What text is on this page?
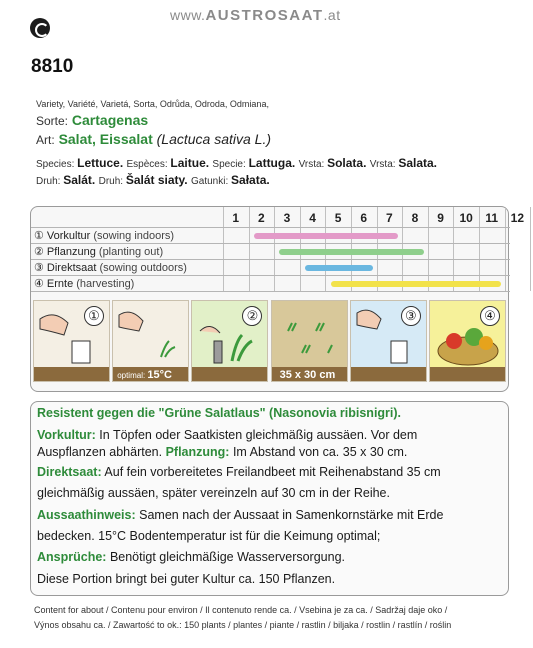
www.AUSTROSAAT.at
8810
Variety, Variété, Varietá, Sorta, Odrůda, Odroda, Odmiana,
Sorte: Cartagenas
Art: Salat, Eissalat (Lactuca sativa L.)
Species: Lettuce. Espèces: Laitue. Specie: Lattuga. Vrsta: Solata. Vrsta: Salata.
Druh: Salát. Druh: Šalát siaty. Gatunki: Sałata.
1	2	3	4	5	6	7	8	9	10	11	12
① Vorkultur (sowing indoors)
② Pflanzung (planting out)
③ Direktsaat (sowing outdoors)
④ Ernte (harvesting)
①
optimal: 15°C
②
35 x 30 cm
③	④
Resistent gegen die "Grüne Salatlaus" (Nasonovia ribisnigri).
Vorkultur: In Töpfen oder Saatkisten gleichmäßig aussäen. Vor dem
Auspflanzen abhärten. Pflanzung: Im Abstand von ca. 35 x 30 cm.
Direktsaat: Auf fein vorbereitetes Freilandbeet mit Reihenabstand 35 cm
gleichmäßig aussäen, später vereinzeln auf 30 cm in der Reihe.
Aussaathinweis: Samen nach der Aussaat in Samenkornstärke mit Erde
bedecken. 15°C Bodentemperatur ist für die Keimung optimal;
Ansprüche: Benötigt gleichmäßige Wasserversorgung.
Diese Portion bringt bei guter Kultur ca. 150 Pflanzen.
Content for about / Contenu pour environ / Il contenuto rende ca. / Vsebina je za ca. / Sadržaj daje oko /
Výnos obsahu ca. / Zawartość to ok.: 150 plants / plantes / piante / rastlin / biljaka / rostlin / rastlín / roślin
